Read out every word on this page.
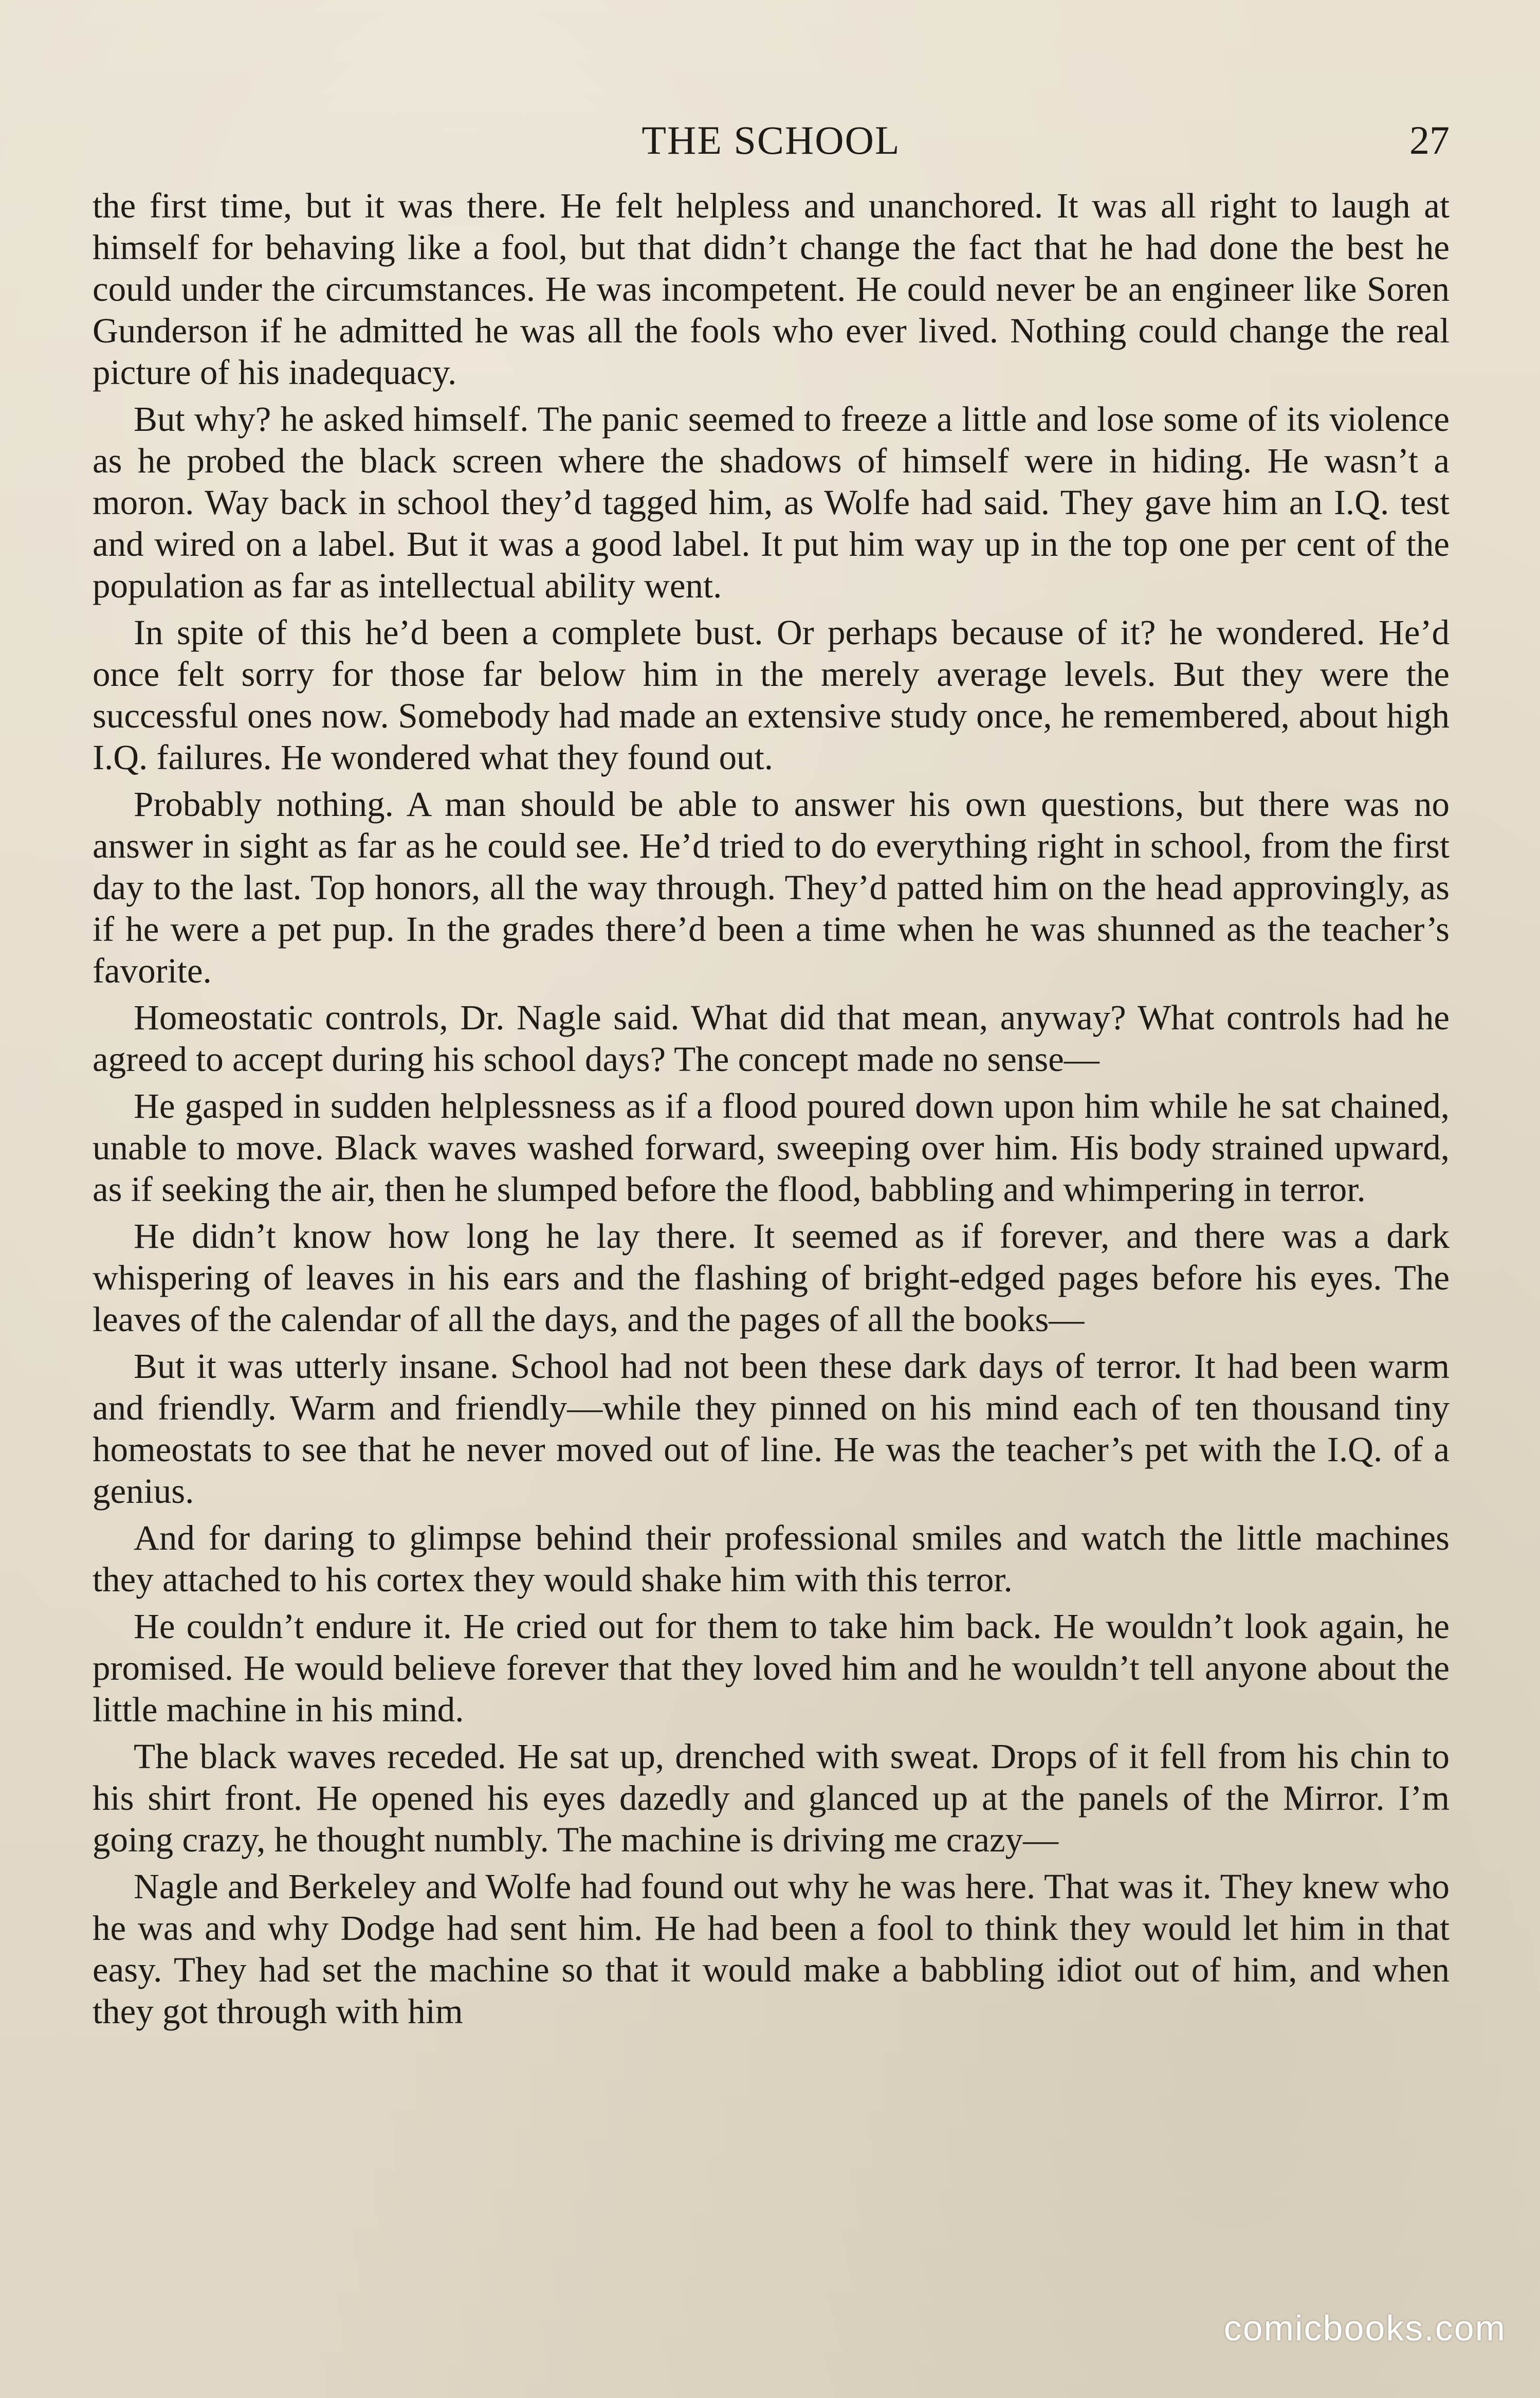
THE SCHOOL	27

the first time, but it was there. He felt helpless and unanchored. It was all right to laugh at himself for behaving like a fool, but that didn’t change the fact that he had done the best he could under the circumstances. He was incompetent. He could never be an engineer like Soren Gunderson if he admitted he was all the fools who ever lived. Nothing could change the real picture of his inadequacy.

But why? he asked himself. The panic seemed to freeze a little and lose some of its violence as he probed the black screen where the shadows of himself were in hiding. He wasn’t a moron. Way back in school they’d tagged him, as Wolfe had said. They gave him an I.Q. test and wired on a label. But it was a good label. It put him way up in the top one per cent of the population as far as intellectual ability went.

In spite of this he’d been a complete bust. Or perhaps because of it? he wondered. He’d once felt sorry for those far below him in the merely average levels. But they were the successful ones now. Somebody had made an extensive study once, he remembered, about high I.Q. failures. He wondered what they found out.

Probably nothing. A man should be able to answer his own questions, but there was no answer in sight as far as he could see. He’d tried to do everything right in school, from the first day to the last. Top honors, all the way through. They’d patted him on the head approvingly, as if he were a pet pup. In the grades there’d been a time when he was shunned as the teacher’s favorite.

Homeostatic controls, Dr. Nagle said. What did that mean, anyway? What controls had he agreed to accept during his school days? The concept made no sense—

He gasped in sudden helplessness as if a flood poured down upon him while he sat chained, unable to move. Black waves washed forward, sweeping over him. His body strained upward, as if seeking the air, then he slumped before the flood, babbling and whimpering in terror.

He didn’t know how long he lay there. It seemed as if forever, and there was a dark whispering of leaves in his ears and the flashing of bright-edged pages before his eyes. The leaves of the calendar of all the days, and the pages of all the books—

But it was utterly insane. School had not been these dark days of terror. It had been warm and friendly. Warm and friendly—while they pinned on his mind each of ten thousand tiny homeostats to see that he never moved out of line. He was the teacher’s pet with the I.Q. of a genius.

And for daring to glimpse behind their professional smiles and watch the little machines they attached to his cortex they would shake him with this terror.

He couldn’t endure it. He cried out for them to take him back. He wouldn’t look again, he promised. He would believe forever that they loved him and he wouldn’t tell anyone about the little machine in his mind.

The black waves receded. He sat up, drenched with sweat. Drops of it fell from his chin to his shirt front. He opened his eyes dazedly and glanced up at the panels of the Mirror. I’m going crazy, he thought numbly. The machine is driving me crazy—

Nagle and Berkeley and Wolfe had found out why he was here. That was it. They knew who he was and why Dodge had sent him. He had been a fool to think they would let him in that easy. They had set the machine so that it would make a babbling idiot out of him, and when they got through with him

comicbooks.com
